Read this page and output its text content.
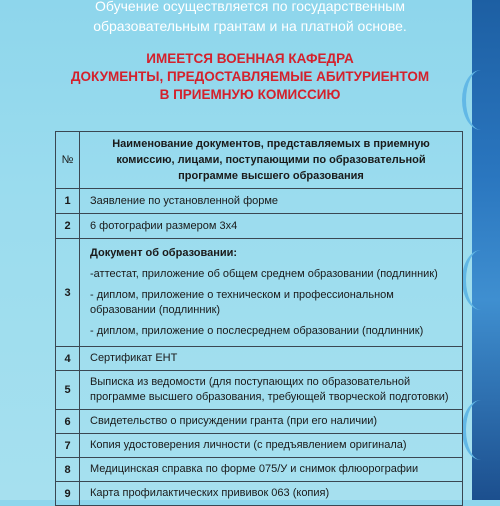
Обучение осуществляется по государственным
образовательным грантам и на платной основе.
ИМЕЕТСЯ ВОЕННАЯ КАФЕДРА
ДОКУМЕНТЫ, ПРЕДОСТАВЛЯЕМЫЕ АБИТУРИЕНТОМ
В ПРИЕМНУЮ КОМИССИЮ
№	Наименование документов, представляемых в приемную комиссию, лицами, поступающими по образовательной программе высшего образования
1	Заявление по установленной форме
2	6 фотографии размером 3х4
3	Документ об образовании:
-аттестат, приложение об общем среднем образовании (подлинник)
- диплом, приложение о техническом и профессиональном образовании (подлинник)
- диплом, приложение о послесреднем образовании (подлинник)

4	Сертификат ЕНТ
5	Выписка из ведомости (для поступающих по образовательной программе высшего образования, требующей творческой подготовки)
6	Свидетельство о присуждении гранта (при его наличии)
7	Копия удостоверения личности (с предъявлением оригинала)
8	Медицинская справка по форме 075/У и снимок флюорографии
9	Карта профилактических прививок 063 (копия)
